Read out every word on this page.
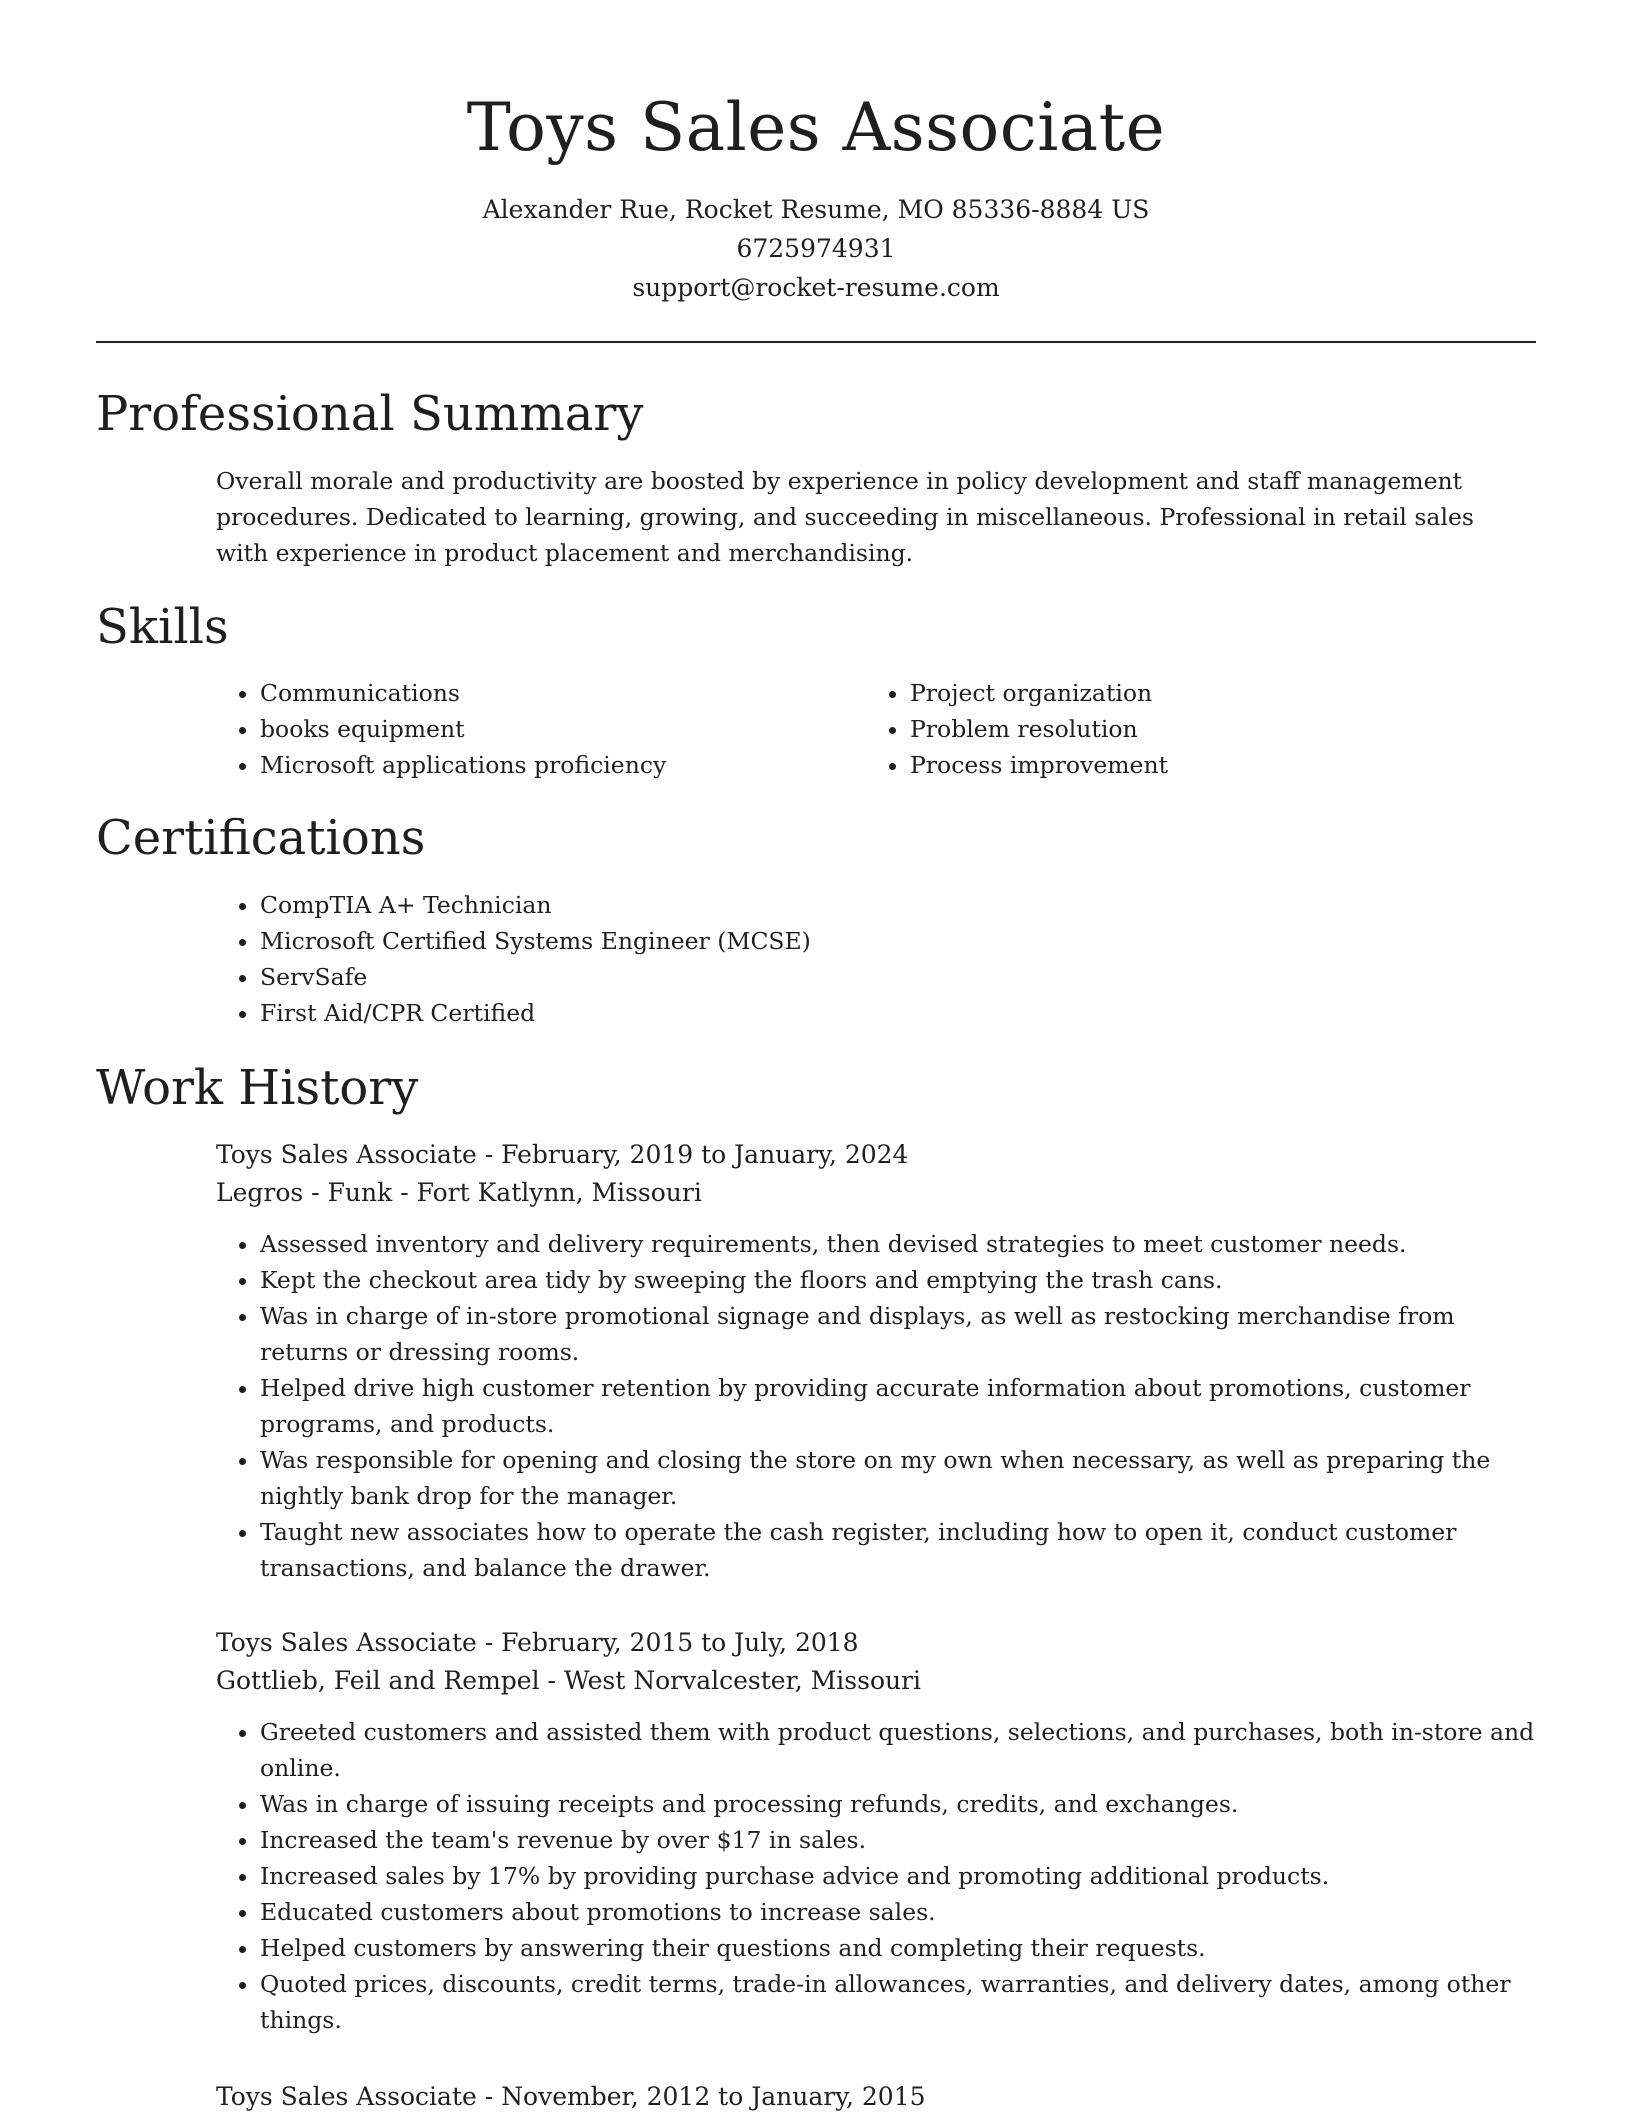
Toys Sales Associate
Alexander Rue, Rocket Resume, MO 85336-8884 US
6725974931
support@rocket-resume.com
Professional Summary

Overall morale and productivity are boosted by experience in policy development and staff management procedures. Dedicated to learning, growing, and succeeding in miscellaneous. Professional in retail sales with experience in product placement and merchandising.

Skills
• Communications
• books equipment
• Microsoft applications proficiency
• Project organization
• Problem resolution
• Process improvement
Certifications
• CompTIA A+ Technician
• Microsoft Certified Systems Engineer (MCSE)
• ServSafe
• First Aid/CPR Certified
Work History
Toys Sales Associate - February, 2019 to January, 2024
Legros - Funk - Fort Katlynn, Missouri
• Assessed inventory and delivery requirements, then devised strategies to meet customer needs.
• Kept the checkout area tidy by sweeping the floors and emptying the trash cans.
• Was in charge of in-store promotional signage and displays, as well as restocking merchandise from returns or dressing rooms.
• Helped drive high customer retention by providing accurate information about promotions, customer programs, and products.
• Was responsible for opening and closing the store on my own when necessary, as well as preparing the nightly bank drop for the manager.
• Taught new associates how to operate the cash register, including how to open it, conduct customer transactions, and balance the drawer.
Toys Sales Associate - February, 2015 to July, 2018
Gottlieb, Feil and Rempel - West Norvalcester, Missouri
• Greeted customers and assisted them with product questions, selections, and purchases, both in-store and online.
• Was in charge of issuing receipts and processing refunds, credits, and exchanges.
• Increased the team's revenue by over $17 in sales.
• Increased sales by 17% by providing purchase advice and promoting additional products.
• Educated customers about promotions to increase sales.
• Helped customers by answering their questions and completing their requests.
• Quoted prices, discounts, credit terms, trade-in allowances, warranties, and delivery dates, among other things.
Toys Sales Associate - November, 2012 to January, 2015
